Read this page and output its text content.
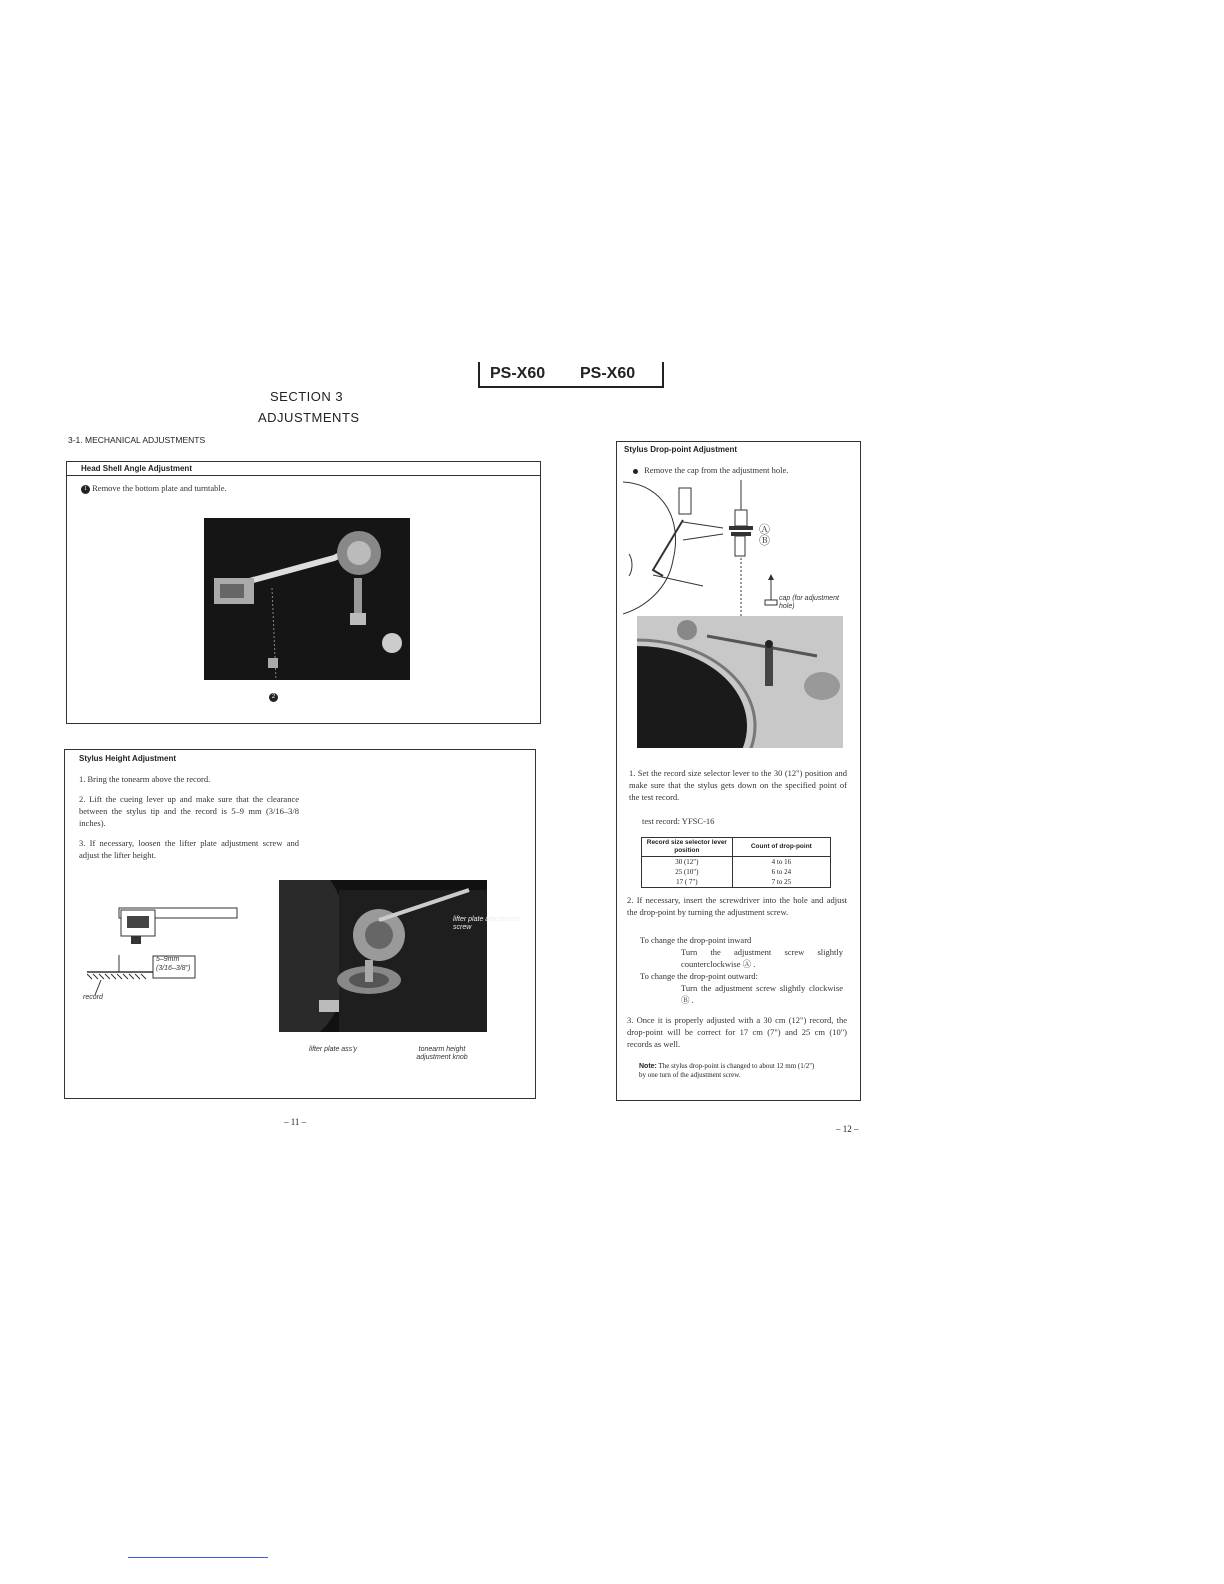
PS-X60 PS-X60
SECTION 3
ADJUSTMENTS
3-1. MECHANICAL ADJUSTMENTS
Head Shell Angle Adjustment
1 Remove the bottom plate and turntable.
2
Stylus Height Adjustment
1. Bring the tonearm above the record.
2. Lift the cueing lever up and make sure that the clearance between the stylus tip and the record is 5–9 mm (3/16–3/8 inches).
3. If necessary, loosen the lifter plate adjustment screw and adjust the lifter height.
5–9mm
(3/16–3/8")
record
lifter plate adjustment screw
lifter plate ass'y	tonearm height adjustment knob
Stylus Drop-point Adjustment
Remove the cap from the adjustment hole.
Ⓐ
Ⓑ
cap (for adjustment hole)
1. Set the record size selector lever to the 30 (12") position and make sure that the stylus gets down on the specified point of the test record.
test record: YFSC-16
Record size selector lever position	Count of drop-point
30 (12")	4 to 16
25 (10")	6 to 24
17 ( 7")	7 to 25
2. If necessary, insert the screwdriver into the hole and adjust the drop-point by turning the adjustment screw.
To change the drop-point inward
Turn the adjustment screw slightly counterclockwise Ⓐ .
To change the drop-point outward:
Turn the adjustment screw slightly clockwise Ⓑ .
3. Once it is properly adjusted with a 30 cm (12") record, the drop-point will be correct for 17 cm (7") and 25 cm (10") records as well.
Note: The stylus drop-point is changed to about 12 mm (1/2") by one turn of the adjustment screw.
– 11 –
– 12 –
